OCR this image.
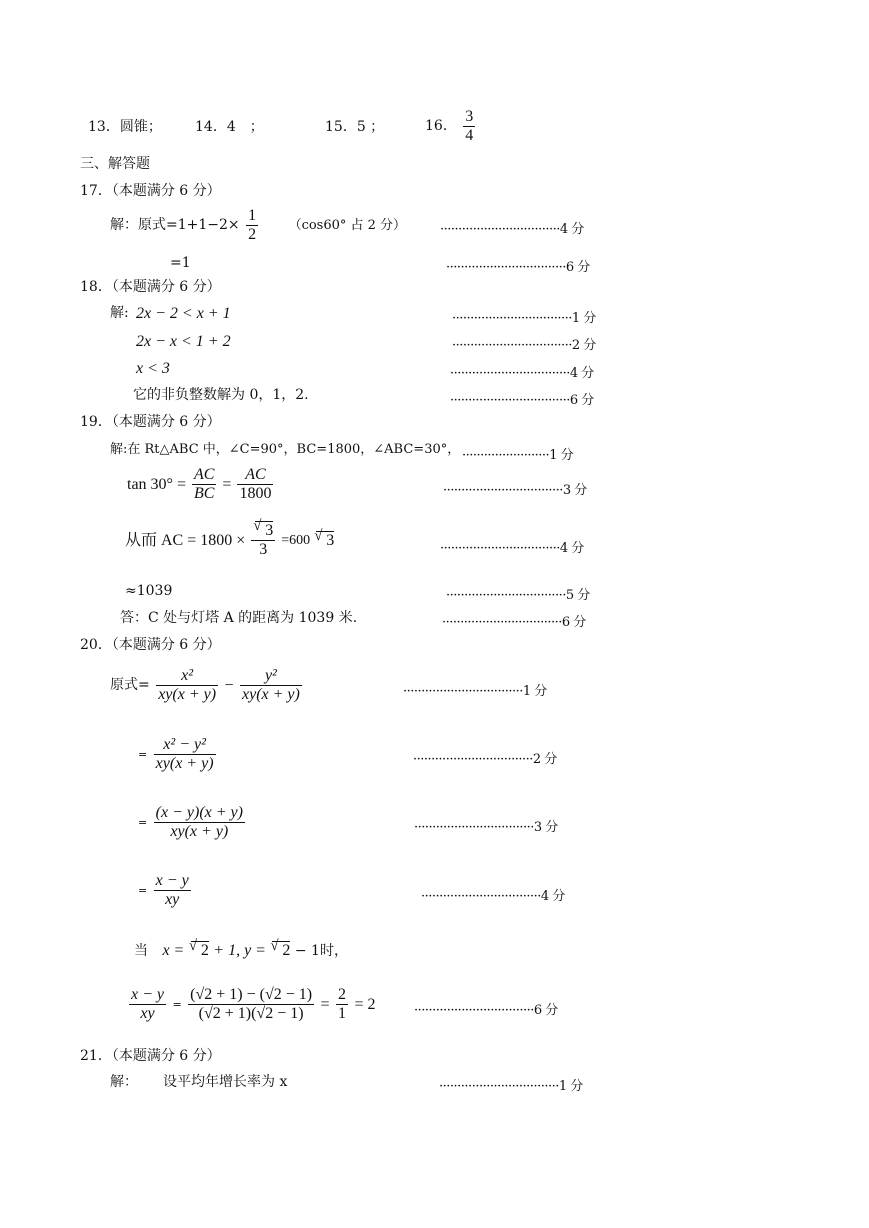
13．圆锥； 14．4　；	15．5 ；	16． $\frac{3}{4}$
三、解答题
17．（本题满分 6 分）
解：原式$=1+1-2\times \frac{1}{2} (\cos 60^\circ$ 占 2 分）	·································4 分
=1	·································6 分
18．（本题满分 6 分）
解: 2x − 2 < x + 1	·································1 分
2x − x < 1 + 2	·································2 分
x < 3	·································4 分
它的非负整数解为 0，1，2.	·································6 分
19．（本题满分 6 分）
解:在 Rt△ABC 中，∠C=90°，BC=1800，∠ABC=30°， ························1 分
$\tan 30^\circ = \frac{AC}{BC} = \frac{AC}{1800}$	·································3 分
从而 AC = 1800 ×
√ $\frac{3}{3} =600√$ 3	·································4 分
≈1039	·································5 分
答：C 处与灯塔 A 的距离为 1039 米.	·································6 分
20．（本题满分 6 分）
原式= $\frac{\text{x²}}{xy(x + y)} - \frac{\text{y²}}{xy(x + y)}$	·································1 分
= $\frac{\text{x² − y²}}{xy(x + y)}$	·································2 分
= $\frac{(x - y)(x + y)}{xy(x + y)}$	·································3 分
= $\frac{x - y}{xy}$	·································4 分
当 x = √ 2 + 1, y = √ 2 − 1时，
$\frac{x - y}{xy} = \frac{(√2 + 1) - (√2 - 1)}{(√2 + 1)(√2 - 1)} = \frac{2}{1} = 2$	·································6 分
21．（本题满分 6 分）
解： 设平均年增长率为 x	·································1 分
